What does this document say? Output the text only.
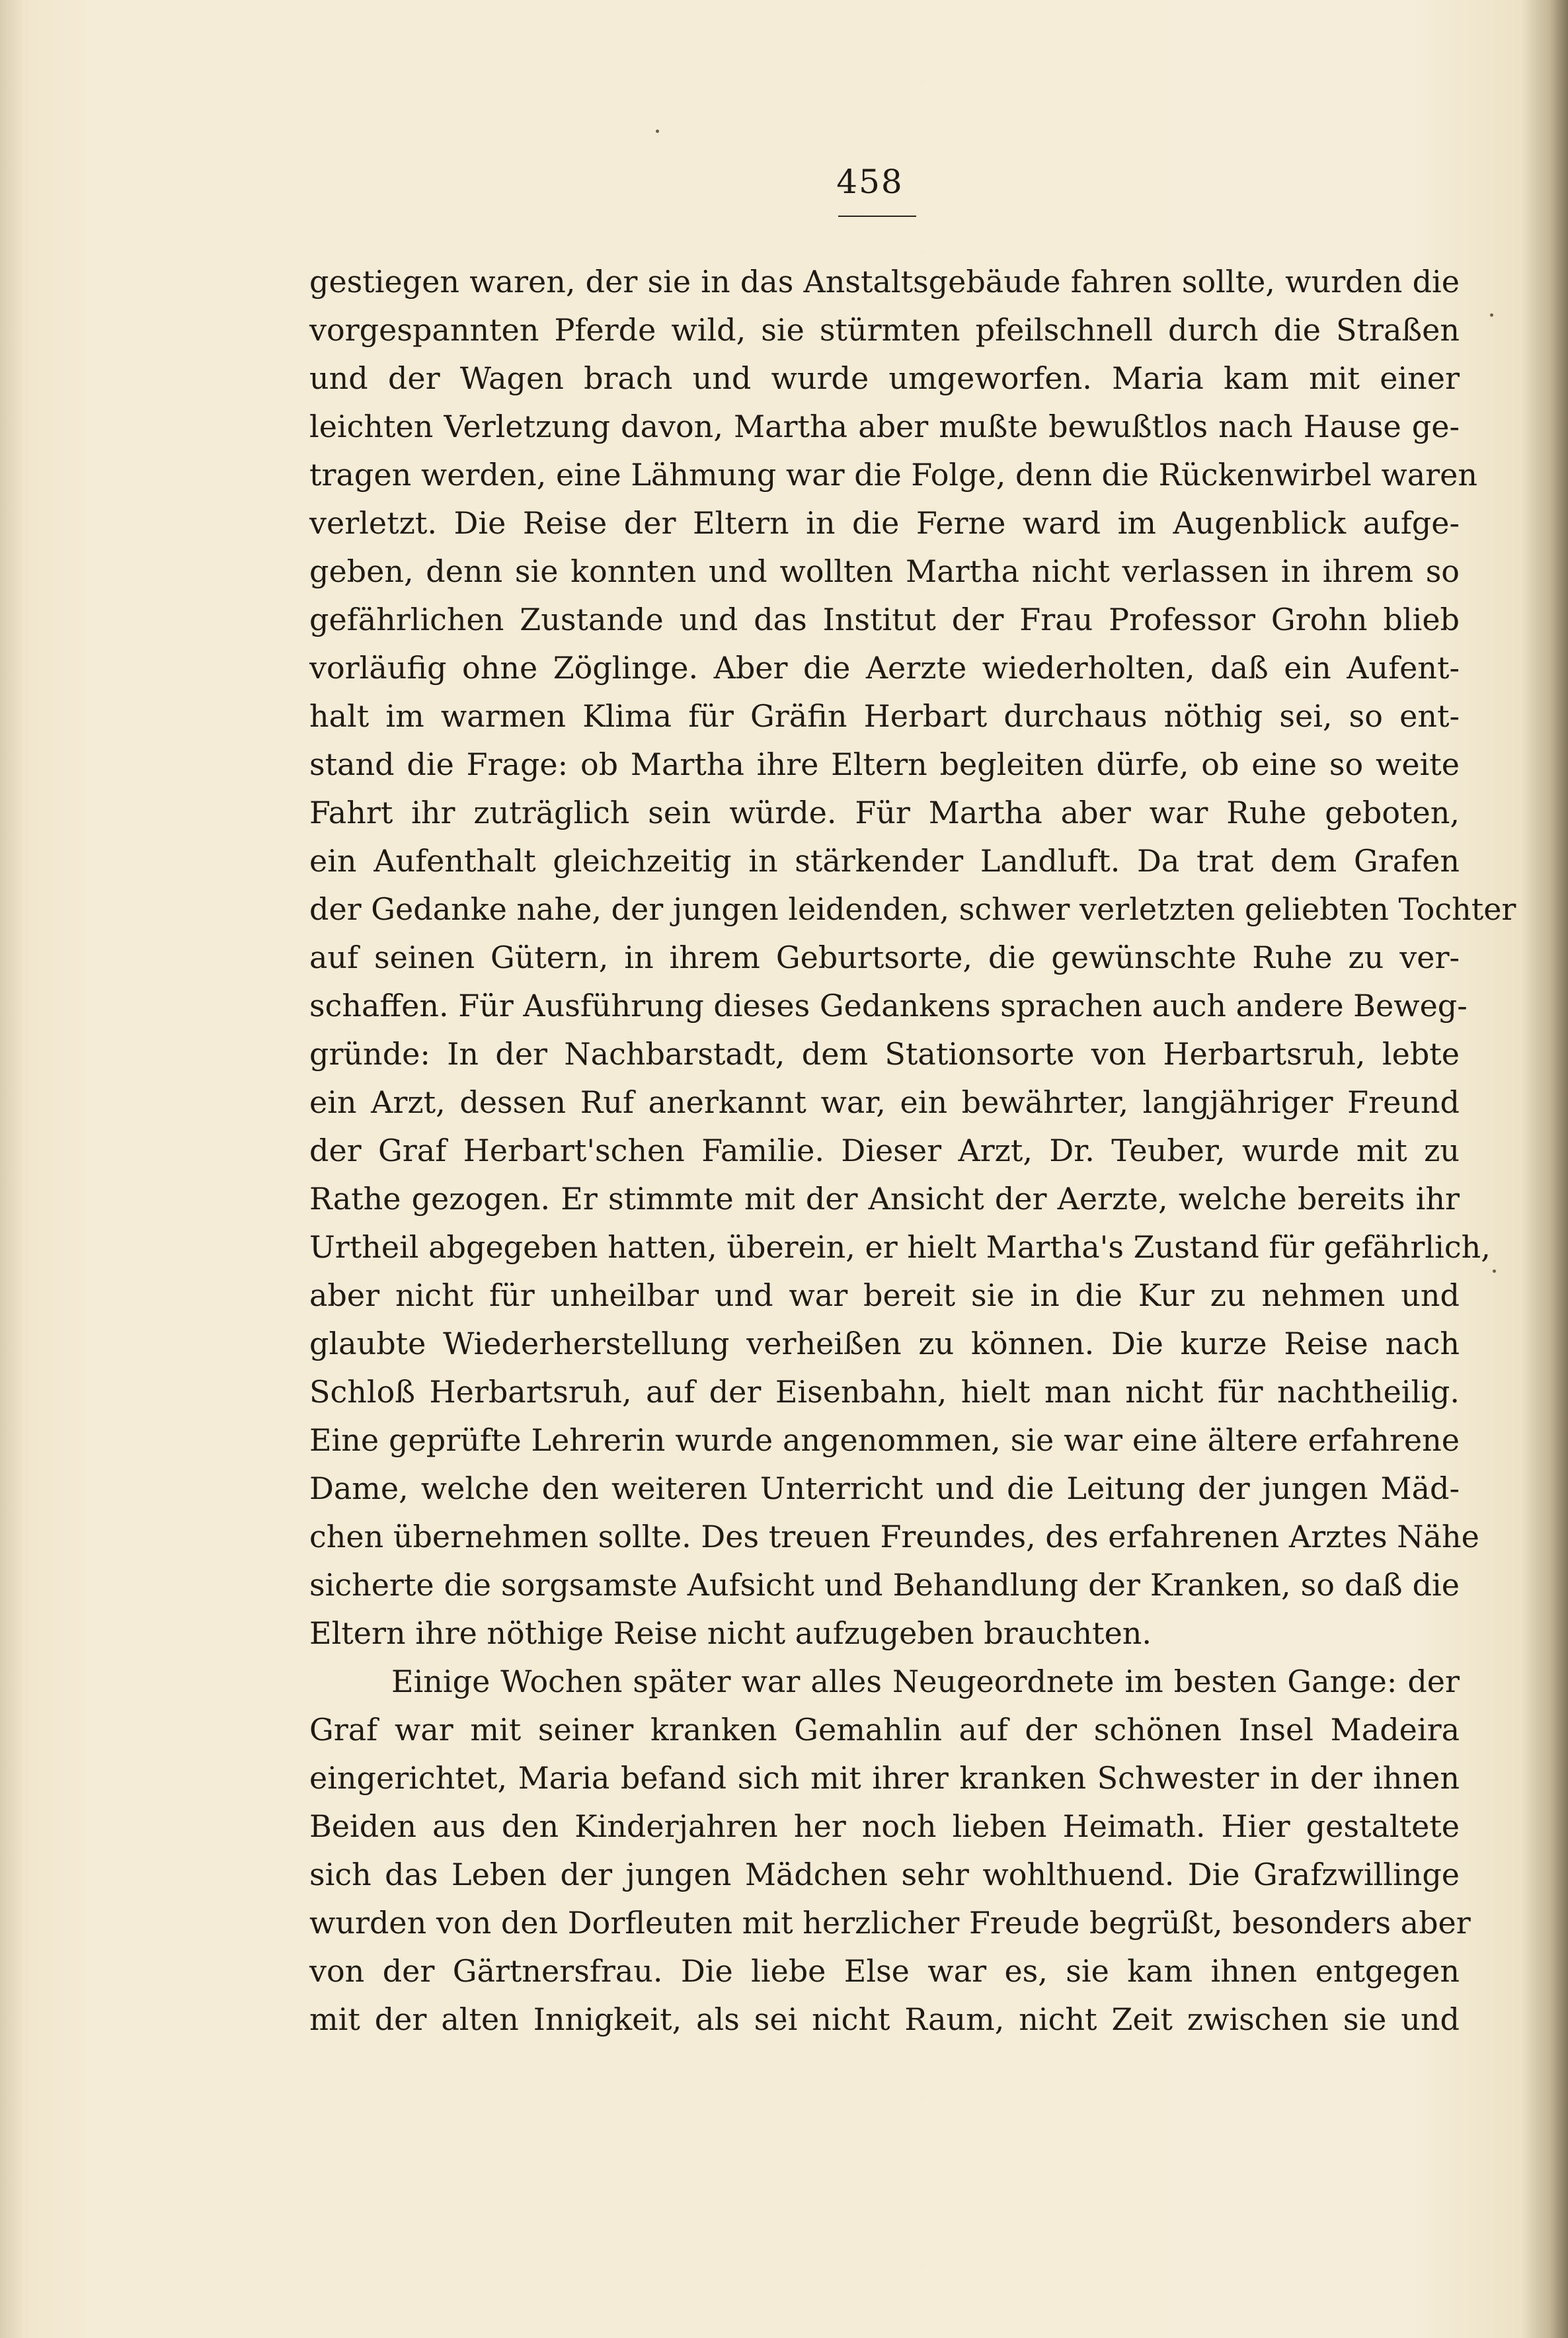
458
gestiegen waren, der sie in das Anstaltsgebäude fahren sollte, wurden die
vorgespannten Pferde wild, sie stürmten pfeilschnell durch die Straßen
und der Wagen brach und wurde umgeworfen. Maria kam mit einer
leichten Verletzung davon, Martha aber mußte bewußtlos nach Hause ge-
tragen werden, eine Lähmung war die Folge, denn die Rückenwirbel waren
verletzt. Die Reise der Eltern in die Ferne ward im Augenblick aufge-
geben, denn sie konnten und wollten Martha nicht verlassen in ihrem so
gefährlichen Zustande und das Institut der Frau Professor Grohn blieb
vorläufig ohne Zöglinge. Aber die Aerzte wiederholten, daß ein Aufent-
halt im warmen Klima für Gräfin Herbart durchaus nöthig sei, so ent-
stand die Frage: ob Martha ihre Eltern begleiten dürfe, ob eine so weite
Fahrt ihr zuträglich sein würde. Für Martha aber war Ruhe geboten,
ein Aufenthalt gleichzeitig in stärkender Landluft. Da trat dem Grafen
der Gedanke nahe, der jungen leidenden, schwer verletzten geliebten Tochter
auf seinen Gütern, in ihrem Geburtsorte, die gewünschte Ruhe zu ver-
schaffen. Für Ausführung dieses Gedankens sprachen auch andere Beweg-
gründe: In der Nachbarstadt, dem Stationsorte von Herbartsruh, lebte
ein Arzt, dessen Ruf anerkannt war, ein bewährter, langjähriger Freund
der Graf Herbart'schen Familie. Dieser Arzt, Dr. Teuber, wurde mit zu
Rathe gezogen. Er stimmte mit der Ansicht der Aerzte, welche bereits ihr
Urtheil abgegeben hatten, überein, er hielt Martha's Zustand für gefährlich,
aber nicht für unheilbar und war bereit sie in die Kur zu nehmen und
glaubte Wiederherstellung verheißen zu können. Die kurze Reise nach
Schloß Herbartsruh, auf der Eisenbahn, hielt man nicht für nachtheilig.
Eine geprüfte Lehrerin wurde angenommen, sie war eine ältere erfahrene
Dame, welche den weiteren Unterricht und die Leitung der jungen Mäd-
chen übernehmen sollte. Des treuen Freundes, des erfahrenen Arztes Nähe
sicherte die sorgsamste Aufsicht und Behandlung der Kranken, so daß die
Eltern ihre nöthige Reise nicht aufzugeben brauchten.
Einige Wochen später war alles Neugeordnete im besten Gange: der
Graf war mit seiner kranken Gemahlin auf der schönen Insel Madeira
eingerichtet, Maria befand sich mit ihrer kranken Schwester in der ihnen
Beiden aus den Kinderjahren her noch lieben Heimath. Hier gestaltete
sich das Leben der jungen Mädchen sehr wohlthuend. Die Grafzwillinge
wurden von den Dorfleuten mit herzlicher Freude begrüßt, besonders aber
von der Gärtnersfrau. Die liebe Else war es, sie kam ihnen entgegen
mit der alten Innigkeit, als sei nicht Raum, nicht Zeit zwischen sie und
